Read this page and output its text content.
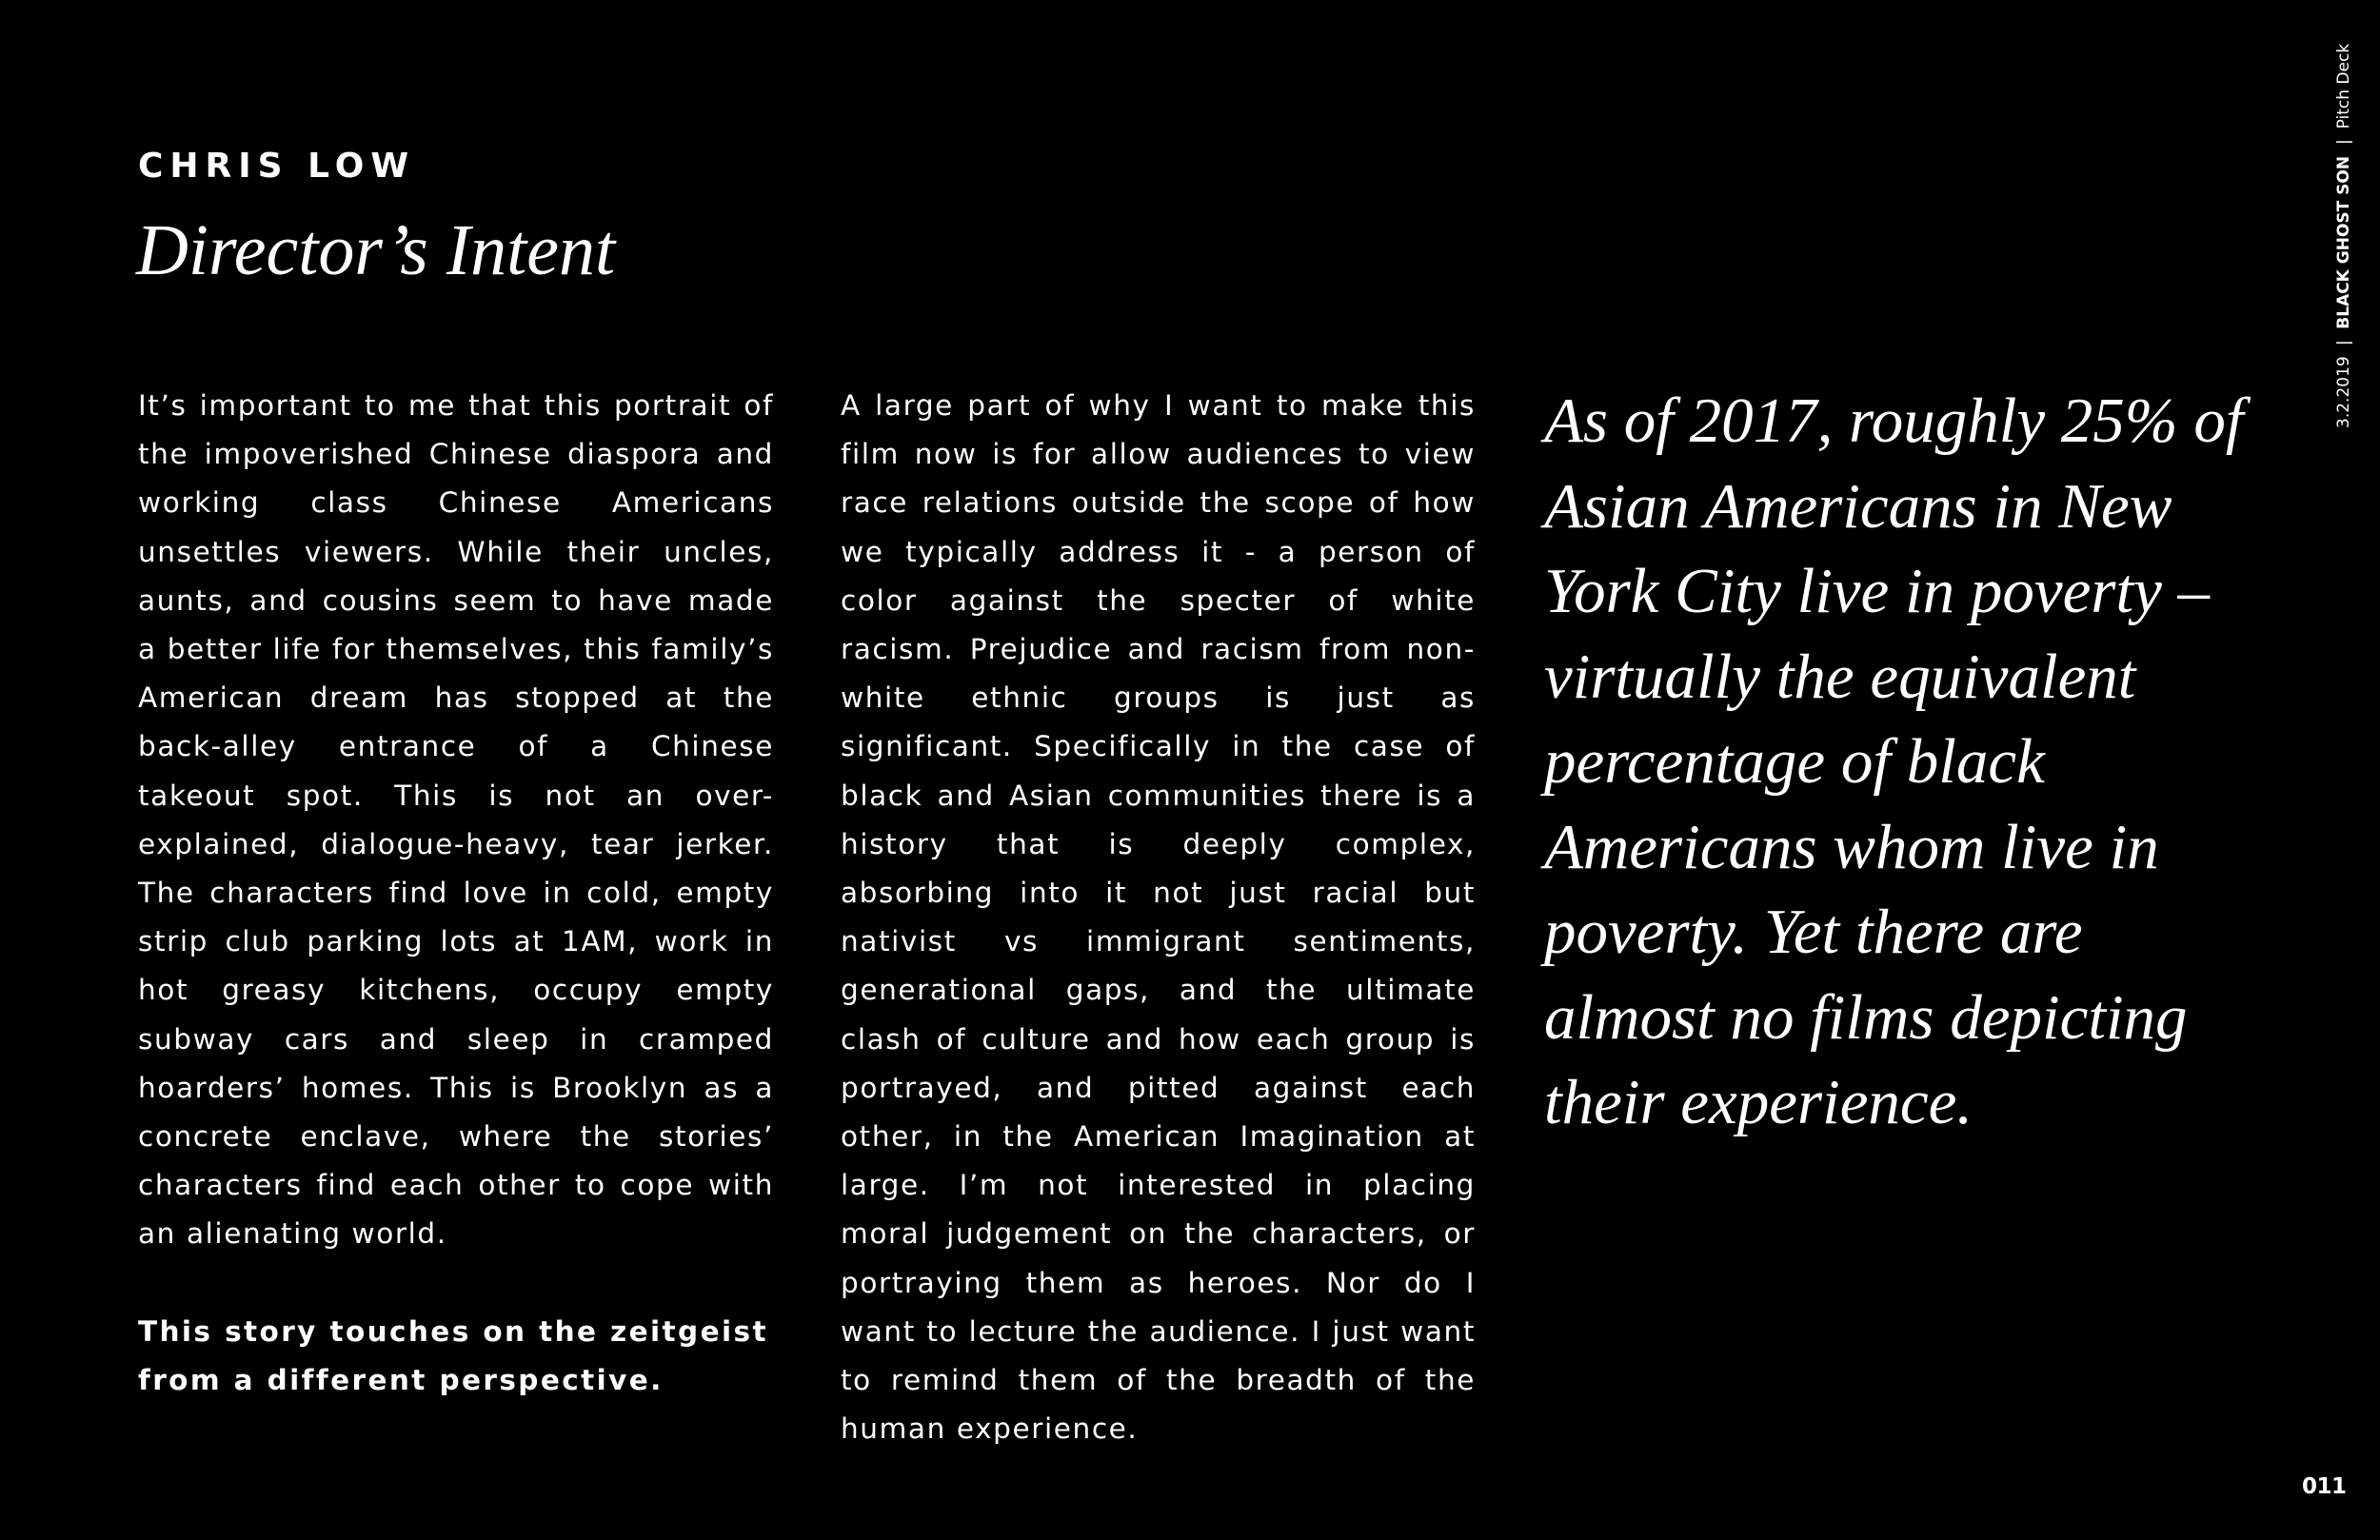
CHRIS LOW
Director’s Intent

It’s important to me that this portrait of the impoverished Chinese diaspora and working class Chinese Americans unsettles viewers. While their uncles, aunts, and cousins seem to have made a better life for themselves, this family’s American dream has stopped at the back-alley entrance of a Chinese takeout spot. This is not an over-explained, dialogue-heavy, tear jerker. The characters find love in cold, empty strip club parking lots at 1AM, work in hot greasy kitchens, occupy empty subway cars and sleep in cramped hoarders’ homes. This is Brooklyn as a concrete enclave, where the stories’ characters find each other to cope with an alienating world.

This story touches on the zeitgeist from a different perspective.

A large part of why I want to make this film now is for allow audiences to view race relations outside the scope of how we typically address it - a person of color against the specter of white racism. Prejudice and racism from non-white ethnic groups is just as significant. Specifically in the case of black and Asian communities there is a history that is deeply complex, absorbing into it not just racial but nativist vs immigrant sentiments, generational gaps, and the ultimate clash of culture and how each group is portrayed, and pitted against each other, in the American Imagination at large. I’m not interested in placing moral judgement on the characters, or portraying them as heroes. Nor do I want to lecture the audience. I just want to remind them of the breadth of the human experience.

As of 2017, roughly 25% of Asian Americans in New York City live in poverty – virtually the equivalent percentage of black Americans whom live in poverty. Yet there are almost no films depicting their experience.

3.2.2019 | BLACK GHOST SON | Pitch Deck
011
